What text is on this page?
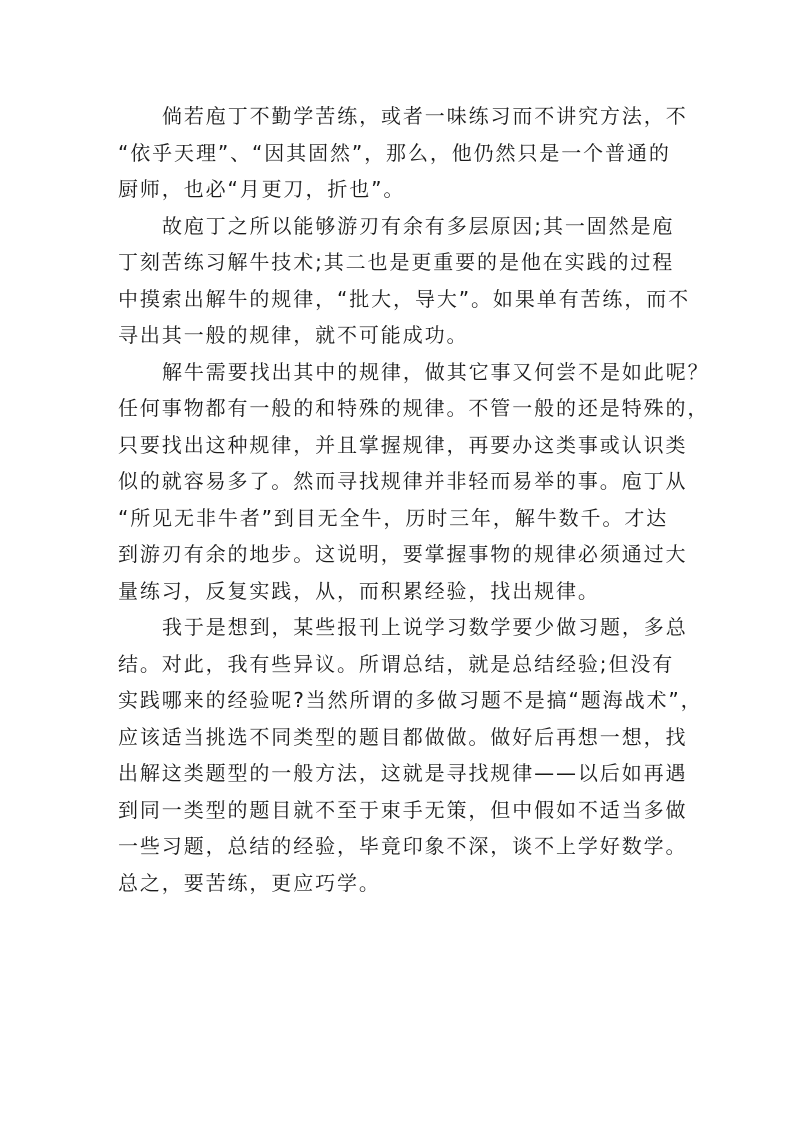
倘若庖丁不勤学苦练，或者一味练习而不讲究方法，不
“依乎天理”、“因其固然”，那么，他仍然只是一个普通的
厨师，也必“月更刀，折也”。
故庖丁之所以能够游刃有余有多层原因;其一固然是庖
丁刻苦练习解牛技术;其二也是更重要的是他在实践的过程
中摸索出解牛的规律，“批大，导大”。如果单有苦练，而不
寻出其一般的规律，就不可能成功。
解牛需要找出其中的规律，做其它事又何尝不是如此呢？
任何事物都有一般的和特殊的规律。不管一般的还是特殊的，
只要找出这种规律，并且掌握规律，再要办这类事或认识类
似的就容易多了。然而寻找规律并非轻而易举的事。庖丁从
“所见无非牛者”到目无全牛，历时三年，解牛数千。才达
到游刃有余的地步。这说明，要掌握事物的规律必须通过大
量练习，反复实践，从，而积累经验，找出规律。
我于是想到，某些报刊上说学习数学要少做习题，多总
结。对此，我有些异议。所谓总结，就是总结经验;但没有
实践哪来的经验呢?当然所谓的多做习题不是搞“题海战术”，
应该适当挑选不同类型的题目都做做。做好后再想一想，找
出解这类题型的一般方法，这就是寻找规律——以后如再遇
到同一类型的题目就不至于束手无策，但中假如不适当多做
一些习题，总结的经验，毕竟印象不深，谈不上学好数学。
总之，要苦练，更应巧学。
